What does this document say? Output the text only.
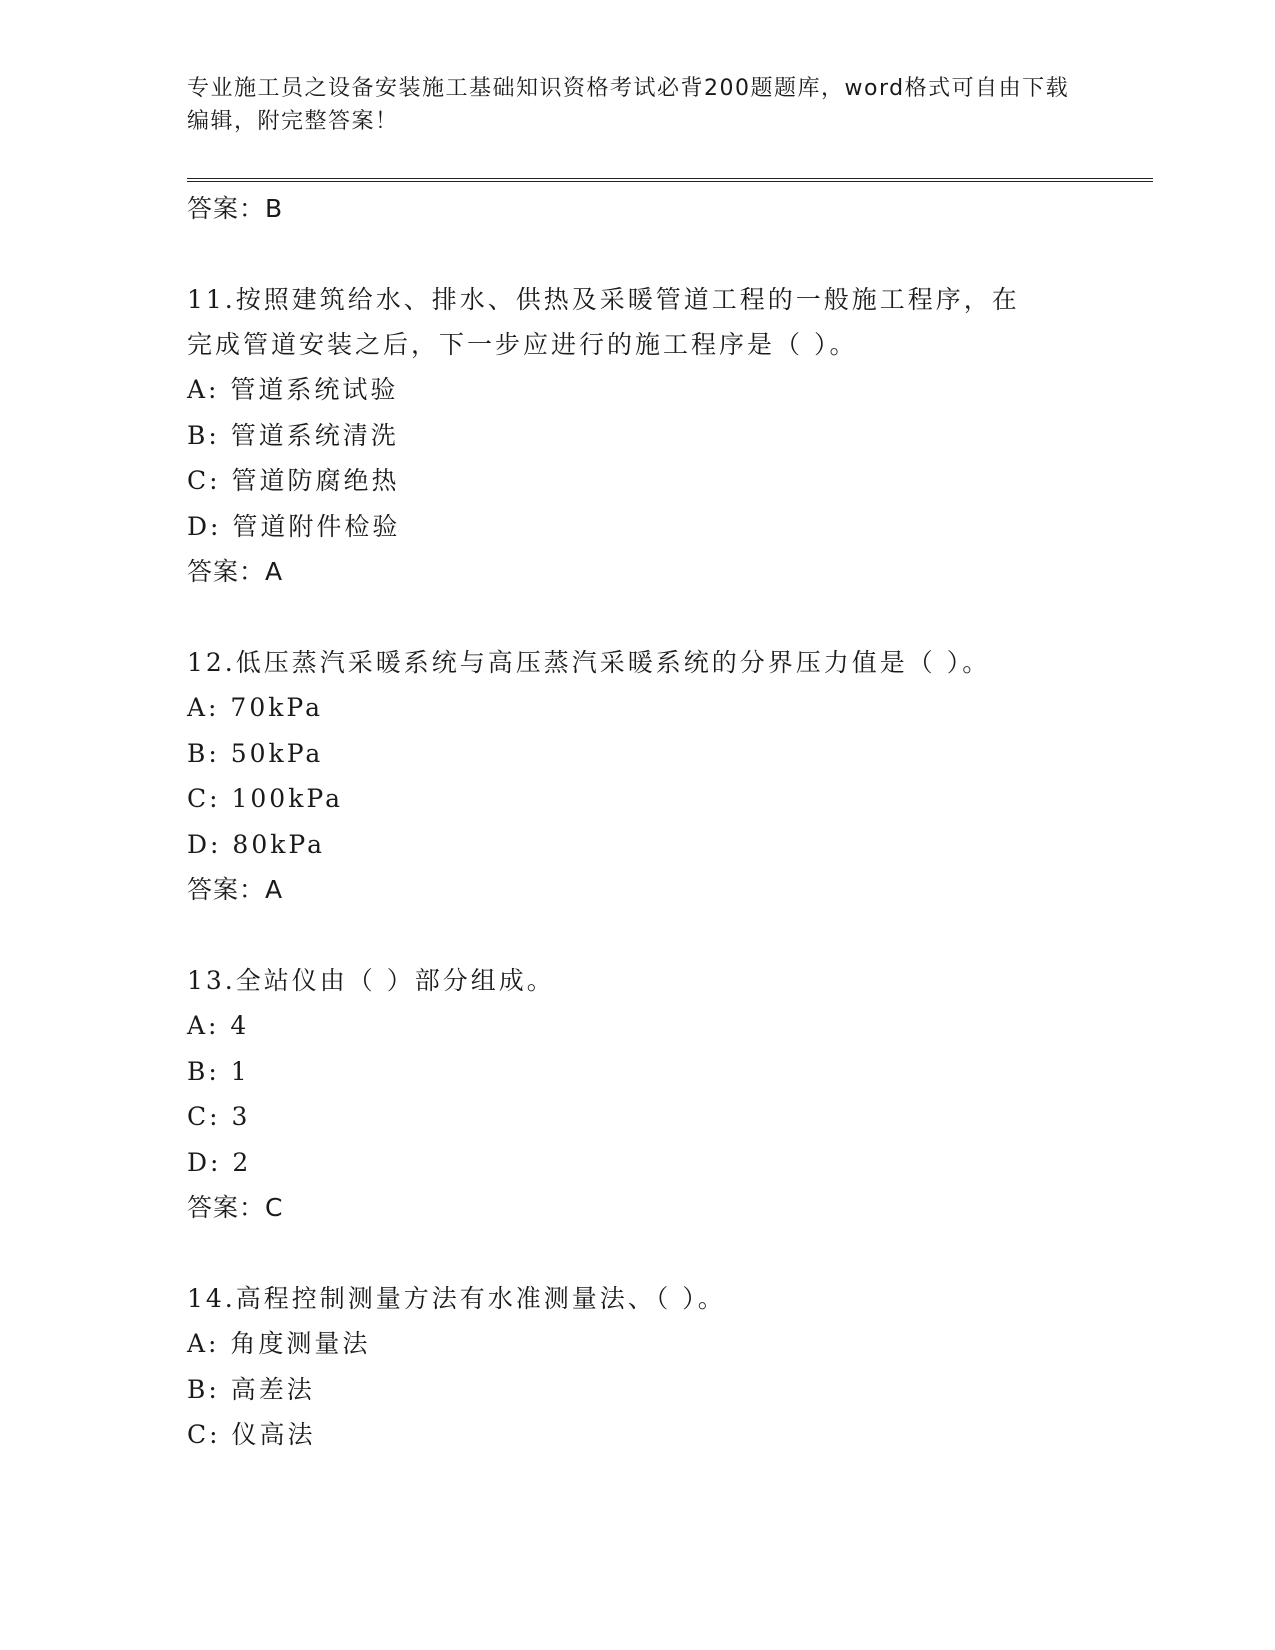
专业施工员之设备安装施工基础知识资格考试必背200题题库，word格式可自由下载编辑，附完整答案！
答案：B
11.按照建筑给水、排水、供热及采暖管道工程的一般施工程序，在完成管道安装之后，下一步应进行的施工程序是（ ）。
A: 管道系统试验
B: 管道系统清洗
C: 管道防腐绝热
D: 管道附件检验
答案：A
12.低压蒸汽采暖系统与高压蒸汽采暖系统的分界压力值是（ ）。
A: 70kPa
B: 50kPa
C: 100kPa
D: 80kPa
答案：A
13.全站仪由（ ）部分组成。
A: 4
B: 1
C: 3
D: 2
答案：C
14.高程控制测量方法有水准测量法、（ ）。
A: 角度测量法
B: 高差法
C: 仪高法
